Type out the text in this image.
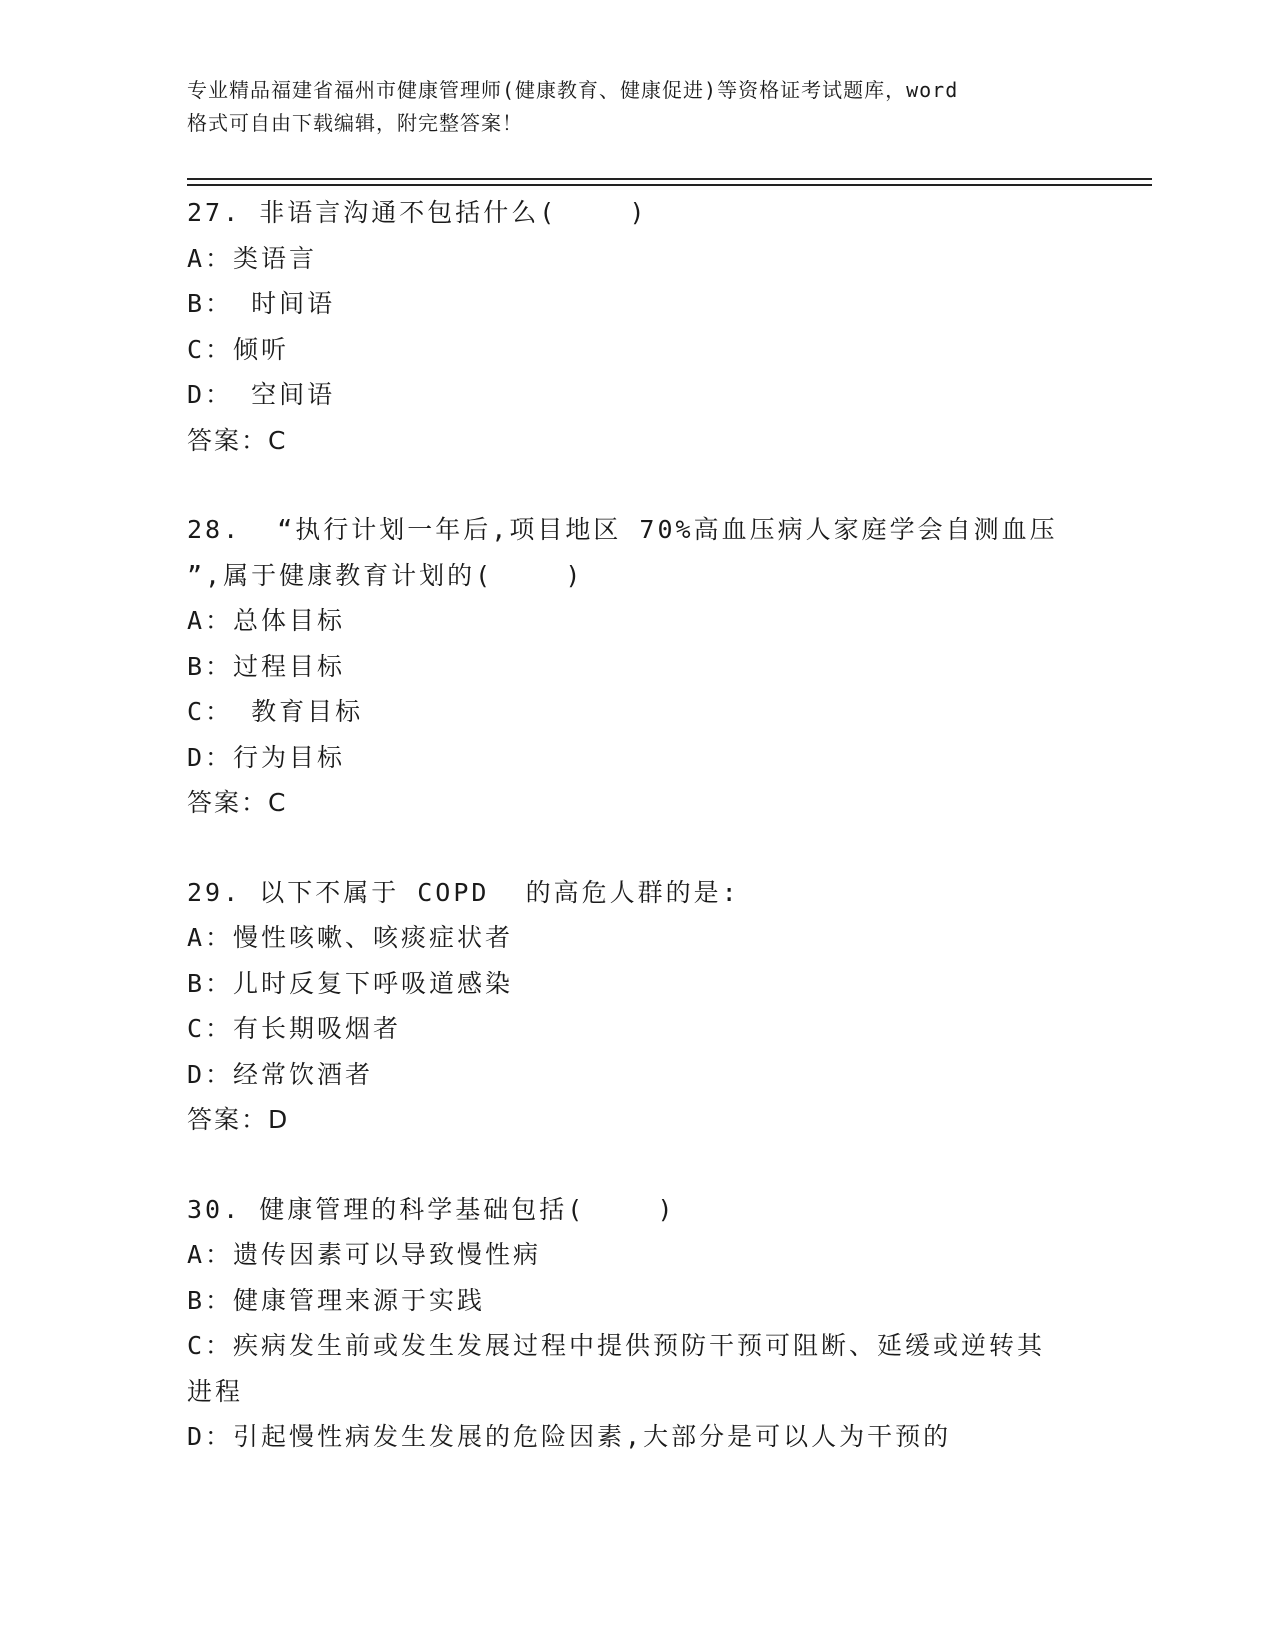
专业精品福建省福州市健康管理师(健康教育、健康促进)等资格证考试题库，word
格式可自由下载编辑，附完整答案！
27. 非语言沟通不包括什么(    )
A：类语言
B： 时间语
C：倾听
D： 空间语
答案：C
28.  “执行计划一年后,项目地区 70%高血压病人家庭学会自测血压
”,属于健康教育计划的(    )
A：总体目标
B：过程目标
C： 教育目标
D：行为目标
答案：C
29. 以下不属于 COPD  的高危人群的是:
A：慢性咳嗽、咳痰症状者
B：儿时反复下呼吸道感染
C：有长期吸烟者
D：经常饮酒者
答案：D
30. 健康管理的科学基础包括(    )
A：遗传因素可以导致慢性病
B：健康管理来源于实践
C：疾病发生前或发生发展过程中提供预防干预可阻断、延缓或逆转其
进程
D：引起慢性病发生发展的危险因素,大部分是可以人为干预的
